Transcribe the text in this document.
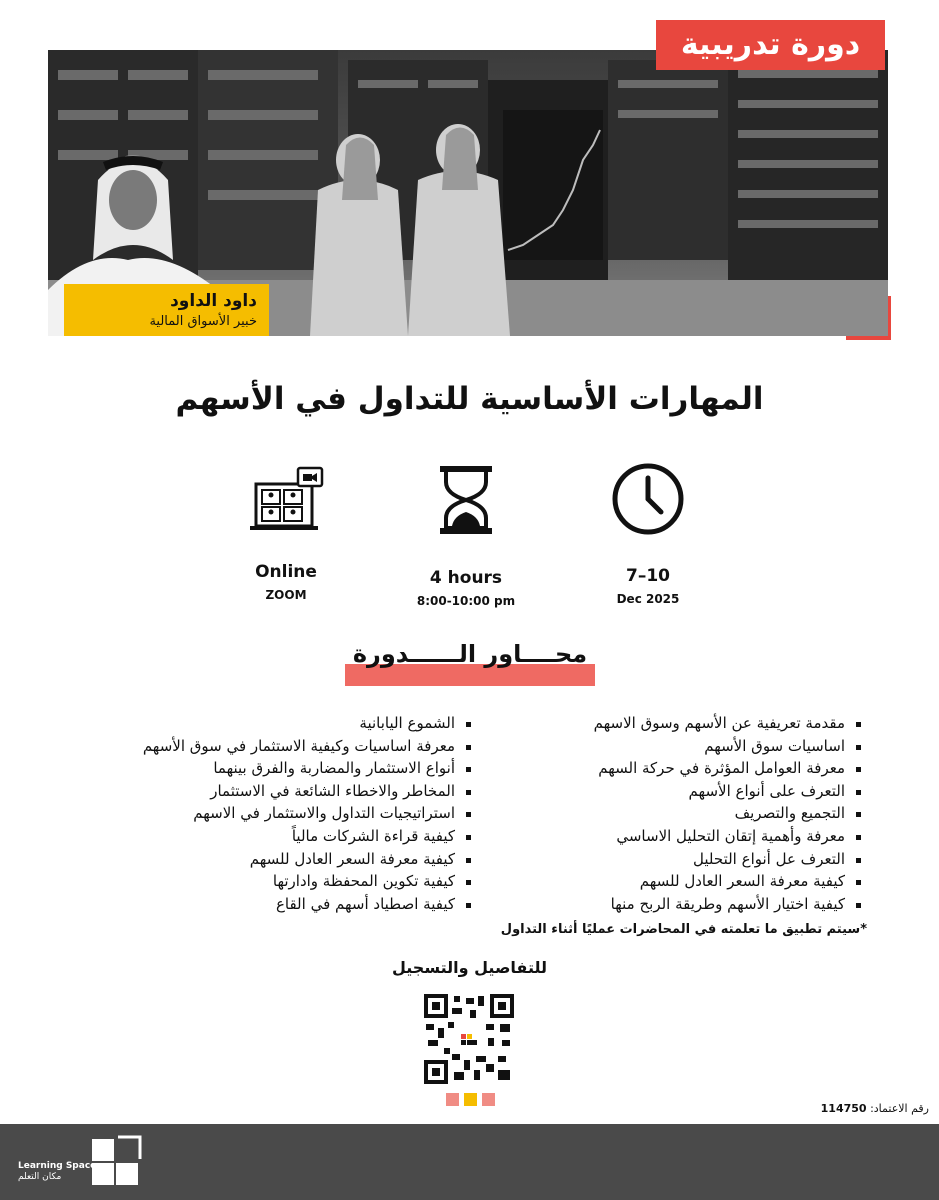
دورة تدريبية
داود الداود
خبير الأسواق المالية
المهارات الأساسية للتداول في الأسهم
Online
ZOOM
4 hours
8:00-10:00 pm
7–10
Dec 2025
محــــاور الــــــدورة
مقدمة تعريفية عن الأسهم وسوق الاسهم
اساسيات سوق الأسهم
معرفة العوامل المؤثرة في حركة السهم
التعرف على أنواع الأسهم
التجميع والتصريف
معرفة وأهمية إتقان التحليل الاساسي
التعرف عل أنواع التحليل
كيفية معرفة السعر العادل للسهم
كيفية اختيار الأسهم وطريقة الربح منها
الشموع اليابانية
معرفة اساسيات وكيفية الاستثمار في سوق الأسهم
أنواع الاستثمار والمضاربة والفرق بينهما
المخاطر والاخطاء الشائعة في الاستثمار
استراتيجيات التداول والاستثمار في الاسهم
كيفية قراءة الشركات مالياً
كيفية معرفة السعر العادل للسهم
كيفية تكوين المحفظة وادارتها
كيفية اصطياد أسهم في القاع
*سيتم تطبيق ما تعلمته في المحاضرات عمليًا أثناء التداول
للتفاصيل والتسجيل
رقم الاعتماد: 114750
Learning Space
مكان التعلم
